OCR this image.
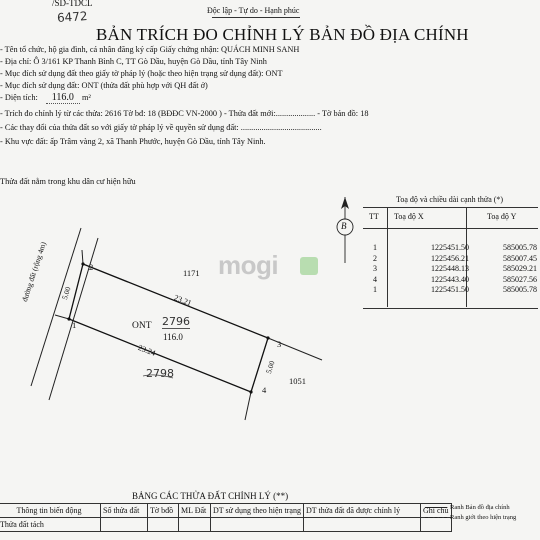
6472
/SD-TDCL
Độc lập - Tự do - Hạnh phúc
BẢN TRÍCH ĐO CHỈNH LÝ BẢN ĐỒ ĐỊA CHÍNH
- Tên tổ chức, hộ gia đình, cá nhân đăng ký cấp Giấy chứng nhận: QUÁCH MINH SANH
- Địa chỉ: Ô 3/161 KP Thanh Bình C, TT Gò Dầu, huyện Gò Dầu, tỉnh Tây Ninh
- Mục đích sử dụng đất theo giấy tờ pháp lý (hoặc theo hiện trạng sử dụng đất): ONT
- Mục đích sử dụng đất: ONT (thửa đất phù hợp với QH đất ở)
- Diện tích: 116.0 m²
- Trích đo chỉnh lý từ các thửa: 2616 Tờ bđ: 18 (BĐĐC VN-2000 ) - Thửa đất mới:................... - Tờ bản đồ: 18
- Các thay đổi của thửa đất so với giấy tờ pháp lý về quyền sử dụng đất: .......................................
- Khu vực đất: ấp Trâm vàng 2, xã Thanh Phước, huyện Gò Dầu, tỉnh Tây Ninh.
Thửa đất nằm trong khu dân cư hiện hữu
đường đất (rộng 4m) 5.00
2
1
3
4
23.21
23.24
5.00
ONT 2796
116.0
2798
1171
1051
mogi
B
Toạ độ và chiều dài cạnh thửa (*)
TT Toạ độ X	Toạ độ Y
1	1225451.50	585005.78
2	1225456.21	585007.45
3	1225448.13	585029.21
4	1225443.40	585027.56
1	1225451.50	585005.78
BẢNG CÁC THỬA ĐẤT CHỈNH LÝ (**)
Thông tin biến động	Số thửa đất	Tờ bđồ	ML Đất	DT sử dụng theo hiện trạng	DT thửa đất đã được chỉnh lý	Ghi chú
Thửa đất tách						
Ranh Bản đồ địa chính
Ranh giới theo hiện trạng
